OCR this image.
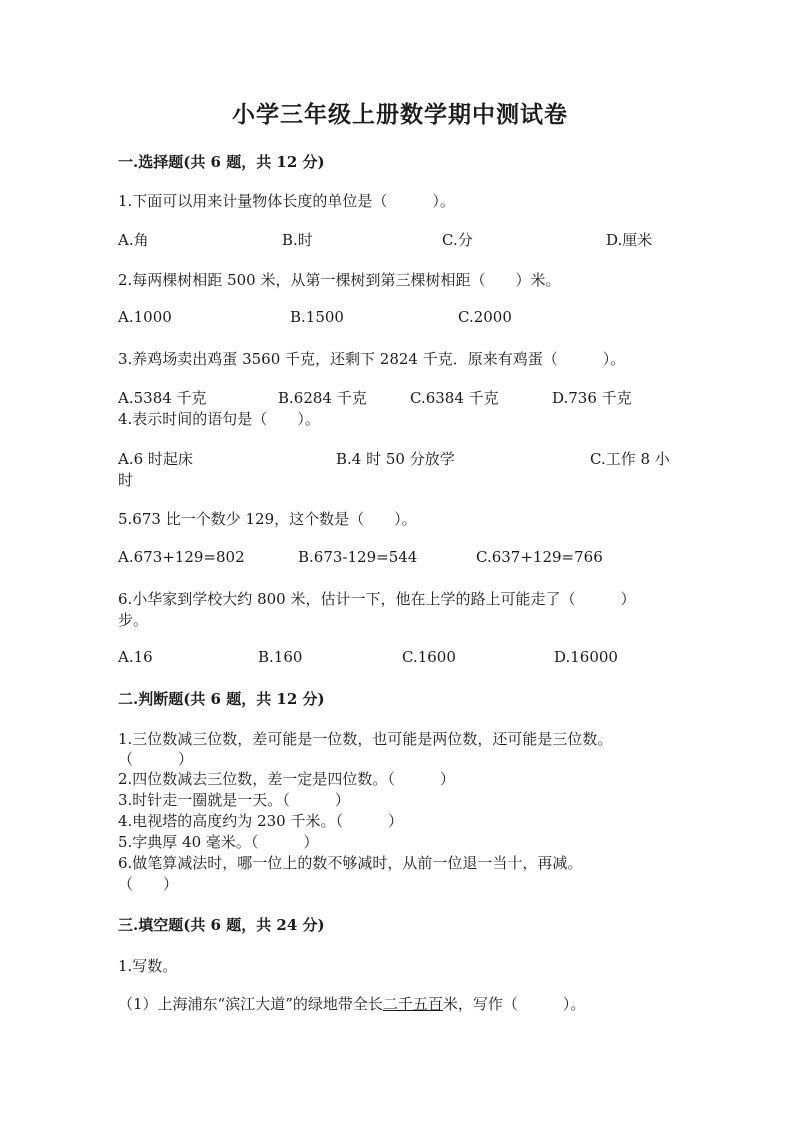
小学三年级上册数学期中测试卷
一.选择题(共 6 题，共 12 分)
1.下面可以用来计量物体长度的单位是（　　　）。
A.角	B.时	C.分	D.厘米
2.每两棵树相距 500 米，从第一棵树到第三棵树相距（　　）米。
A.1000	B.1500	C.2000
3.养鸡场卖出鸡蛋 3560 千克，还剩下 2824 千克．原来有鸡蛋（　　　）。
A.5384 千克	B.6284 千克	C.6384 千克	D.736 千克
4.表示时间的语句是（　　）。
A.6 时起床	B.4 时 50 分放学	C.工作 8 小
时
5.673 比一个数少 129，这个数是（　　）。
A.673+129=802	B.673-129=544	C.637+129=766
6.小华家到学校大约 800 米，估计一下，他在上学的路上可能走了（　　　）
步。
A.16	B.160	C.1600	D.16000
二.判断题(共 6 题，共 12 分)
1.三位数减三位数，差可能是一位数，也可能是两位数，还可能是三位数。
（　　　）
2.四位数减去三位数，差一定是四位数。（　　　）
3.时针走一圈就是一天。（　　　）
4.电视塔的高度约为 230 千米。（　　　）
5.字典厚 40 毫米。（　　　）
6.做笔算减法时，哪一位上的数不够减时，从前一位退一当十，再减。
（　　）
三.填空题(共 6 题，共 24 分)
1.写数。
（1）上海浦东“滨江大道”的绿地带全长二千五百米，写作（　　　）。
